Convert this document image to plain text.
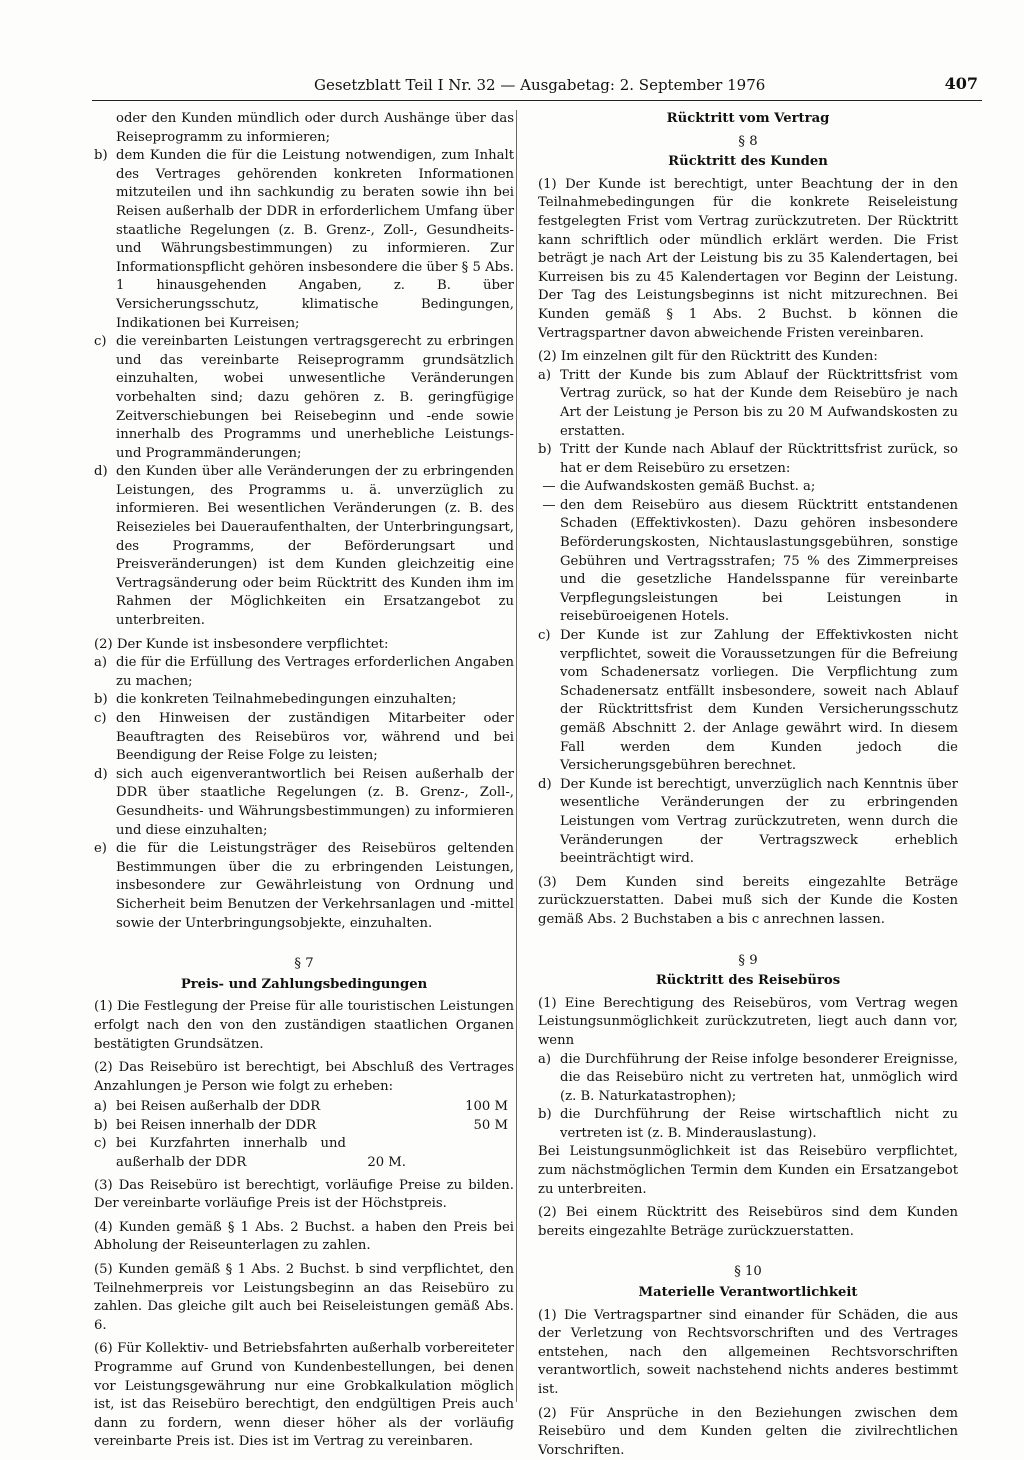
Gesetzblatt Teil I Nr. 32 — Ausgabetag: 2. September 1976	407

oder den Kunden mündlich oder durch Aushänge über das Reiseprogramm zu informieren;

b) dem Kunden die für die Leistung notwendigen, zum Inhalt des Vertrages gehörenden konkreten Informationen mitzuteilen und ihn sachkundig zu beraten sowie ihn bei Reisen außerhalb der DDR in erforderlichem Umfang über staatliche Regelungen (z. B. Grenz-, Zoll-, Gesundheits- und Währungsbestimmungen) zu informieren. Zur Informationspflicht gehören insbesondere die über § 5 Abs. 1 hinausgehenden Angaben, z. B. über Versicherungsschutz, klimatische Bedingungen, Indikationen bei Kurreisen;
c) die vereinbarten Leistungen vertragsgerecht zu erbringen und das vereinbarte Reiseprogramm grundsätzlich einzuhalten, wobei unwesentliche Veränderungen vorbehalten sind; dazu gehören z. B. geringfügige Zeitverschiebungen bei Reisebeginn und -ende sowie innerhalb des Programms und unerhebliche Leistungs- und Programmänderungen;
d) den Kunden über alle Veränderungen der zu erbringenden Leistungen, des Programms u. ä. unverzüglich zu informieren. Bei wesentlichen Veränderungen (z. B. des Reisezieles bei Daueraufenthalten, der Unterbringungsart, des Programms, der Beförderungsart und Preisveränderungen) ist dem Kunden gleichzeitig eine Vertragsänderung oder beim Rücktritt des Kunden ihm im Rahmen der Möglichkeiten ein Ersatzangebot zu unterbreiten.

(2) Der Kunde ist insbesondere verpflichtet:

a) die für die Erfüllung des Vertrages erforderlichen Angaben zu machen;
b) die konkreten Teilnahmebedingungen einzuhalten;
c) den Hinweisen der zuständigen Mitarbeiter oder Beauftragten des Reisebüros vor, während und bei Beendigung der Reise Folge zu leisten;
d) sich auch eigenverantwortlich bei Reisen außerhalb der DDR über staatliche Regelungen (z. B. Grenz-, Zoll-, Gesundheits- und Währungsbestimmungen) zu informieren und diese einzuhalten;
e) die für die Leistungsträger des Reisebüros geltenden Bestimmungen über die zu erbringenden Leistungen, insbesondere zur Gewährleistung von Ordnung und Sicherheit beim Benutzen der Verkehrsanlagen und -mittel sowie der Unterbringungsobjekte, einzuhalten.

§ 7

Preis- und Zahlungsbedingungen

(1) Die Festlegung der Preise für alle touristischen Leistungen erfolgt nach den von den zuständigen staatlichen Organen bestätigten Grundsätzen.

(2) Das Reisebüro ist berechtigt, bei Abschluß des Vertrages Anzahlungen je Person wie folgt zu erheben:

a) bei Reisen außerhalb der DDR	100 M
b) bei Reisen innerhalb der DDR	50 M
c) bei Kurzfahrten innerhalb und außerhalb der DDR	20 M.

(3) Das Reisebüro ist berechtigt, vorläufige Preise zu bilden. Der vereinbarte vorläufige Preis ist der Höchstpreis.

(4) Kunden gemäß § 1 Abs. 2 Buchst. a haben den Preis bei Abholung der Reiseunterlagen zu zahlen.

(5) Kunden gemäß § 1 Abs. 2 Buchst. b sind verpflichtet, den Teilnehmerpreis vor Leistungsbeginn an das Reisebüro zu zahlen. Das gleiche gilt auch bei Reiseleistungen gemäß Abs. 6.

(6) Für Kollektiv- und Betriebsfahrten außerhalb vorbereiteter Programme auf Grund von Kundenbestellungen, bei denen vor Leistungsgewährung nur eine Grobkalkulation möglich ist, ist das Reisebüro berechtigt, den endgültigen Preis auch dann zu fordern, wenn dieser höher als der vorläufig vereinbarte Preis ist. Dies ist im Vertrag zu vereinbaren.

Rücktritt vom Vertrag

§ 8

Rücktritt des Kunden

(1) Der Kunde ist berechtigt, unter Beachtung der in den Teilnahmebedingungen für die konkrete Reiseleistung festgelegten Frist vom Vertrag zurückzutreten. Der Rücktritt kann schriftlich oder mündlich erklärt werden. Die Frist beträgt je nach Art der Leistung bis zu 35 Kalendertagen, bei Kurreisen bis zu 45 Kalendertagen vor Beginn der Leistung. Der Tag des Leistungsbeginns ist nicht mitzurechnen. Bei Kunden gemäß § 1 Abs. 2 Buchst. b können die Vertragspartner davon abweichende Fristen vereinbaren.

(2) Im einzelnen gilt für den Rücktritt des Kunden:

a) Tritt der Kunde bis zum Ablauf der Rücktrittsfrist vom Vertrag zurück, so hat der Kunde dem Reisebüro je nach Art der Leistung je Person bis zu 20 M Aufwandskosten zu erstatten.
b) Tritt der Kunde nach Ablauf der Rücktrittsfrist zurück, so hat er dem Reisebüro zu ersetzen:
— die Aufwandskosten gemäß Buchst. a;
— den dem Reisebüro aus diesem Rücktritt entstandenen Schaden (Effektivkosten). Dazu gehören insbesondere Beförderungskosten, Nichtauslastungsgebühren, sonstige Gebühren und Vertragsstrafen; 75 % des Zimmerpreises und die gesetzliche Handelsspanne für vereinbarte Verpflegungsleistungen bei Leistungen in reisebüroeigenen Hotels.
c) Der Kunde ist zur Zahlung der Effektivkosten nicht verpflichtet, soweit die Voraussetzungen für die Befreiung vom Schadenersatz vorliegen. Die Verpflichtung zum Schadenersatz entfällt insbesondere, soweit nach Ablauf der Rücktrittsfrist dem Kunden Versicherungsschutz gemäß Abschnitt 2. der Anlage gewährt wird. In diesem Fall werden dem Kunden jedoch die Versicherungsgebühren berechnet.
d) Der Kunde ist berechtigt, unverzüglich nach Kenntnis über wesentliche Veränderungen der zu erbringenden Leistungen vom Vertrag zurückzutreten, wenn durch die Veränderungen der Vertragszweck erheblich beeinträchtigt wird.

(3) Dem Kunden sind bereits eingezahlte Beträge zurückzuerstatten. Dabei muß sich der Kunde die Kosten gemäß Abs. 2 Buchstaben a bis c anrechnen lassen.

§ 9

Rücktritt des Reisebüros

(1) Eine Berechtigung des Reisebüros, vom Vertrag wegen Leistungsunmöglichkeit zurückzutreten, liegt auch dann vor, wenn

a) die Durchführung der Reise infolge besonderer Ereignisse, die das Reisebüro nicht zu vertreten hat, unmöglich wird (z. B. Naturkatastrophen);
b) die Durchführung der Reise wirtschaftlich nicht zu vertreten ist (z. B. Minderauslastung).

Bei Leistungsunmöglichkeit ist das Reisebüro verpflichtet, zum nächstmöglichen Termin dem Kunden ein Ersatzangebot zu unterbreiten.

(2) Bei einem Rücktritt des Reisebüros sind dem Kunden bereits eingezahlte Beträge zurückzuerstatten.

§ 10

Materielle Verantwortlichkeit

(1) Die Vertragspartner sind einander für Schäden, die aus der Verletzung von Rechtsvorschriften und des Vertrages entstehen, nach den allgemeinen Rechtsvorschriften verantwortlich, soweit nachstehend nichts anderes bestimmt ist.

(2) Für Ansprüche in den Beziehungen zwischen dem Reisebüro und dem Kunden gelten die zivilrechtlichen Vorschriften.
